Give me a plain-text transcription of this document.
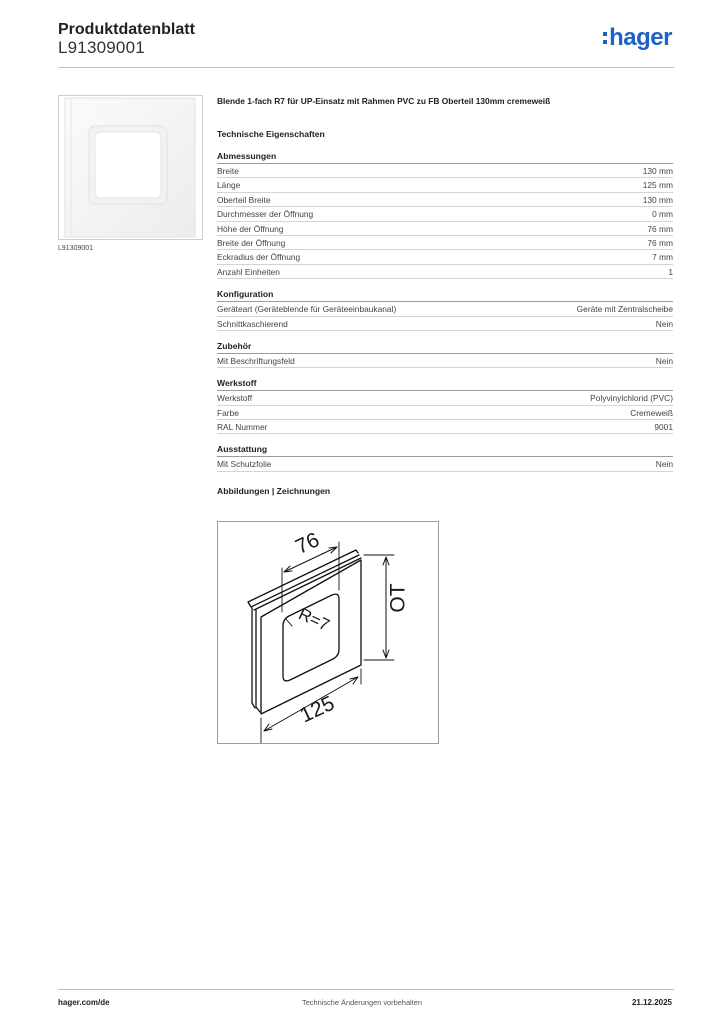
Produktdatenblatt
L91309001	hager
L91309001

Blende 1-fach R7 für UP-Einsatz mit Rahmen PVC zu FB Oberteil 130mm cremeweiß

Technische Eigenschaften

Abmessungen
Breite	130 mm
Länge	125 mm
Oberteil Breite	130 mm
Durchmesser der Öffnung	0 mm
Höhe der Öffnung	76 mm
Breite der Öffnung	76 mm
Eckradius der Öffnung	7 mm
Anzahl Einheiten	1
Konfiguration
Geräteart (Geräteblende für Geräteeinbaukanal)	Geräte mit Zentralscheibe
Schnittkaschierend	Nein
Zubehör
Mit Beschriftungsfeld	Nein
Werkstoff
Werkstoff	Polyvinylchlorid (PVC)
Farbe	Cremeweiß
RAL Nummer	9001
Ausstattung
Mit Schutzfolie	Nein

Abbildungen | Zeichnungen

76
OT
R=7
125
hager.com/de	Technische Änderungen vorbehalten	21.12.2025
